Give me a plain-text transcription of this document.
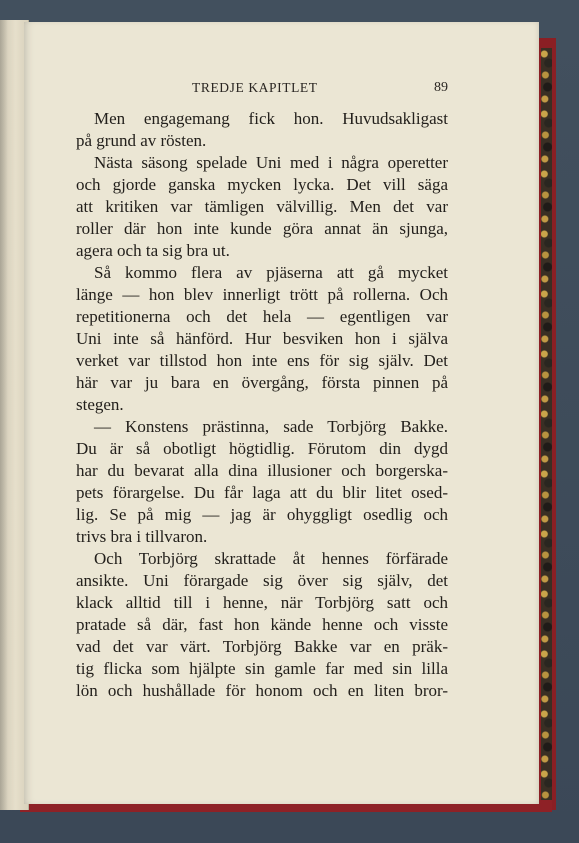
TREDJE KAPITLET	89
Men engagemang fick hon. Huvudsakligast
på grund av rösten.
Nästa säsong spelade Uni med i några operetter
och gjorde ganska mycken lycka. Det vill säga
att kritiken var tämligen välvillig. Men det var
roller där hon inte kunde göra annat än sjunga,
agera och ta sig bra ut.
Så kommo flera av pjäserna att gå mycket
länge — hon blev innerligt trött på rollerna. Och
repetitionerna och det hela — egentligen var
Uni inte så hänförd. Hur besviken hon i själva
verket var tillstod hon inte ens för sig själv. Det
här var ju bara en övergång, första pinnen på
stegen.
— Konstens prästinna, sade Torbjörg Bakke.
Du är så obotligt högtidlig. Förutom din dygd
har du bevarat alla dina illusioner och borgerska-
pets förargelse. Du får laga att du blir litet osed-
lig. Se på mig — jag är ohyggligt osedlig och
trivs bra i tillvaron.
Och Torbjörg skrattade åt hennes förfärade
ansikte. Uni förargade sig över sig själv, det
klack alltid till i henne, när Torbjörg satt och
pratade så där, fast hon kände henne och visste
vad det var värt. Torbjörg Bakke var en präk-
tig flicka som hjälpte sin gamle far med sin lilla
lön och hushållade för honom och en liten bror-
